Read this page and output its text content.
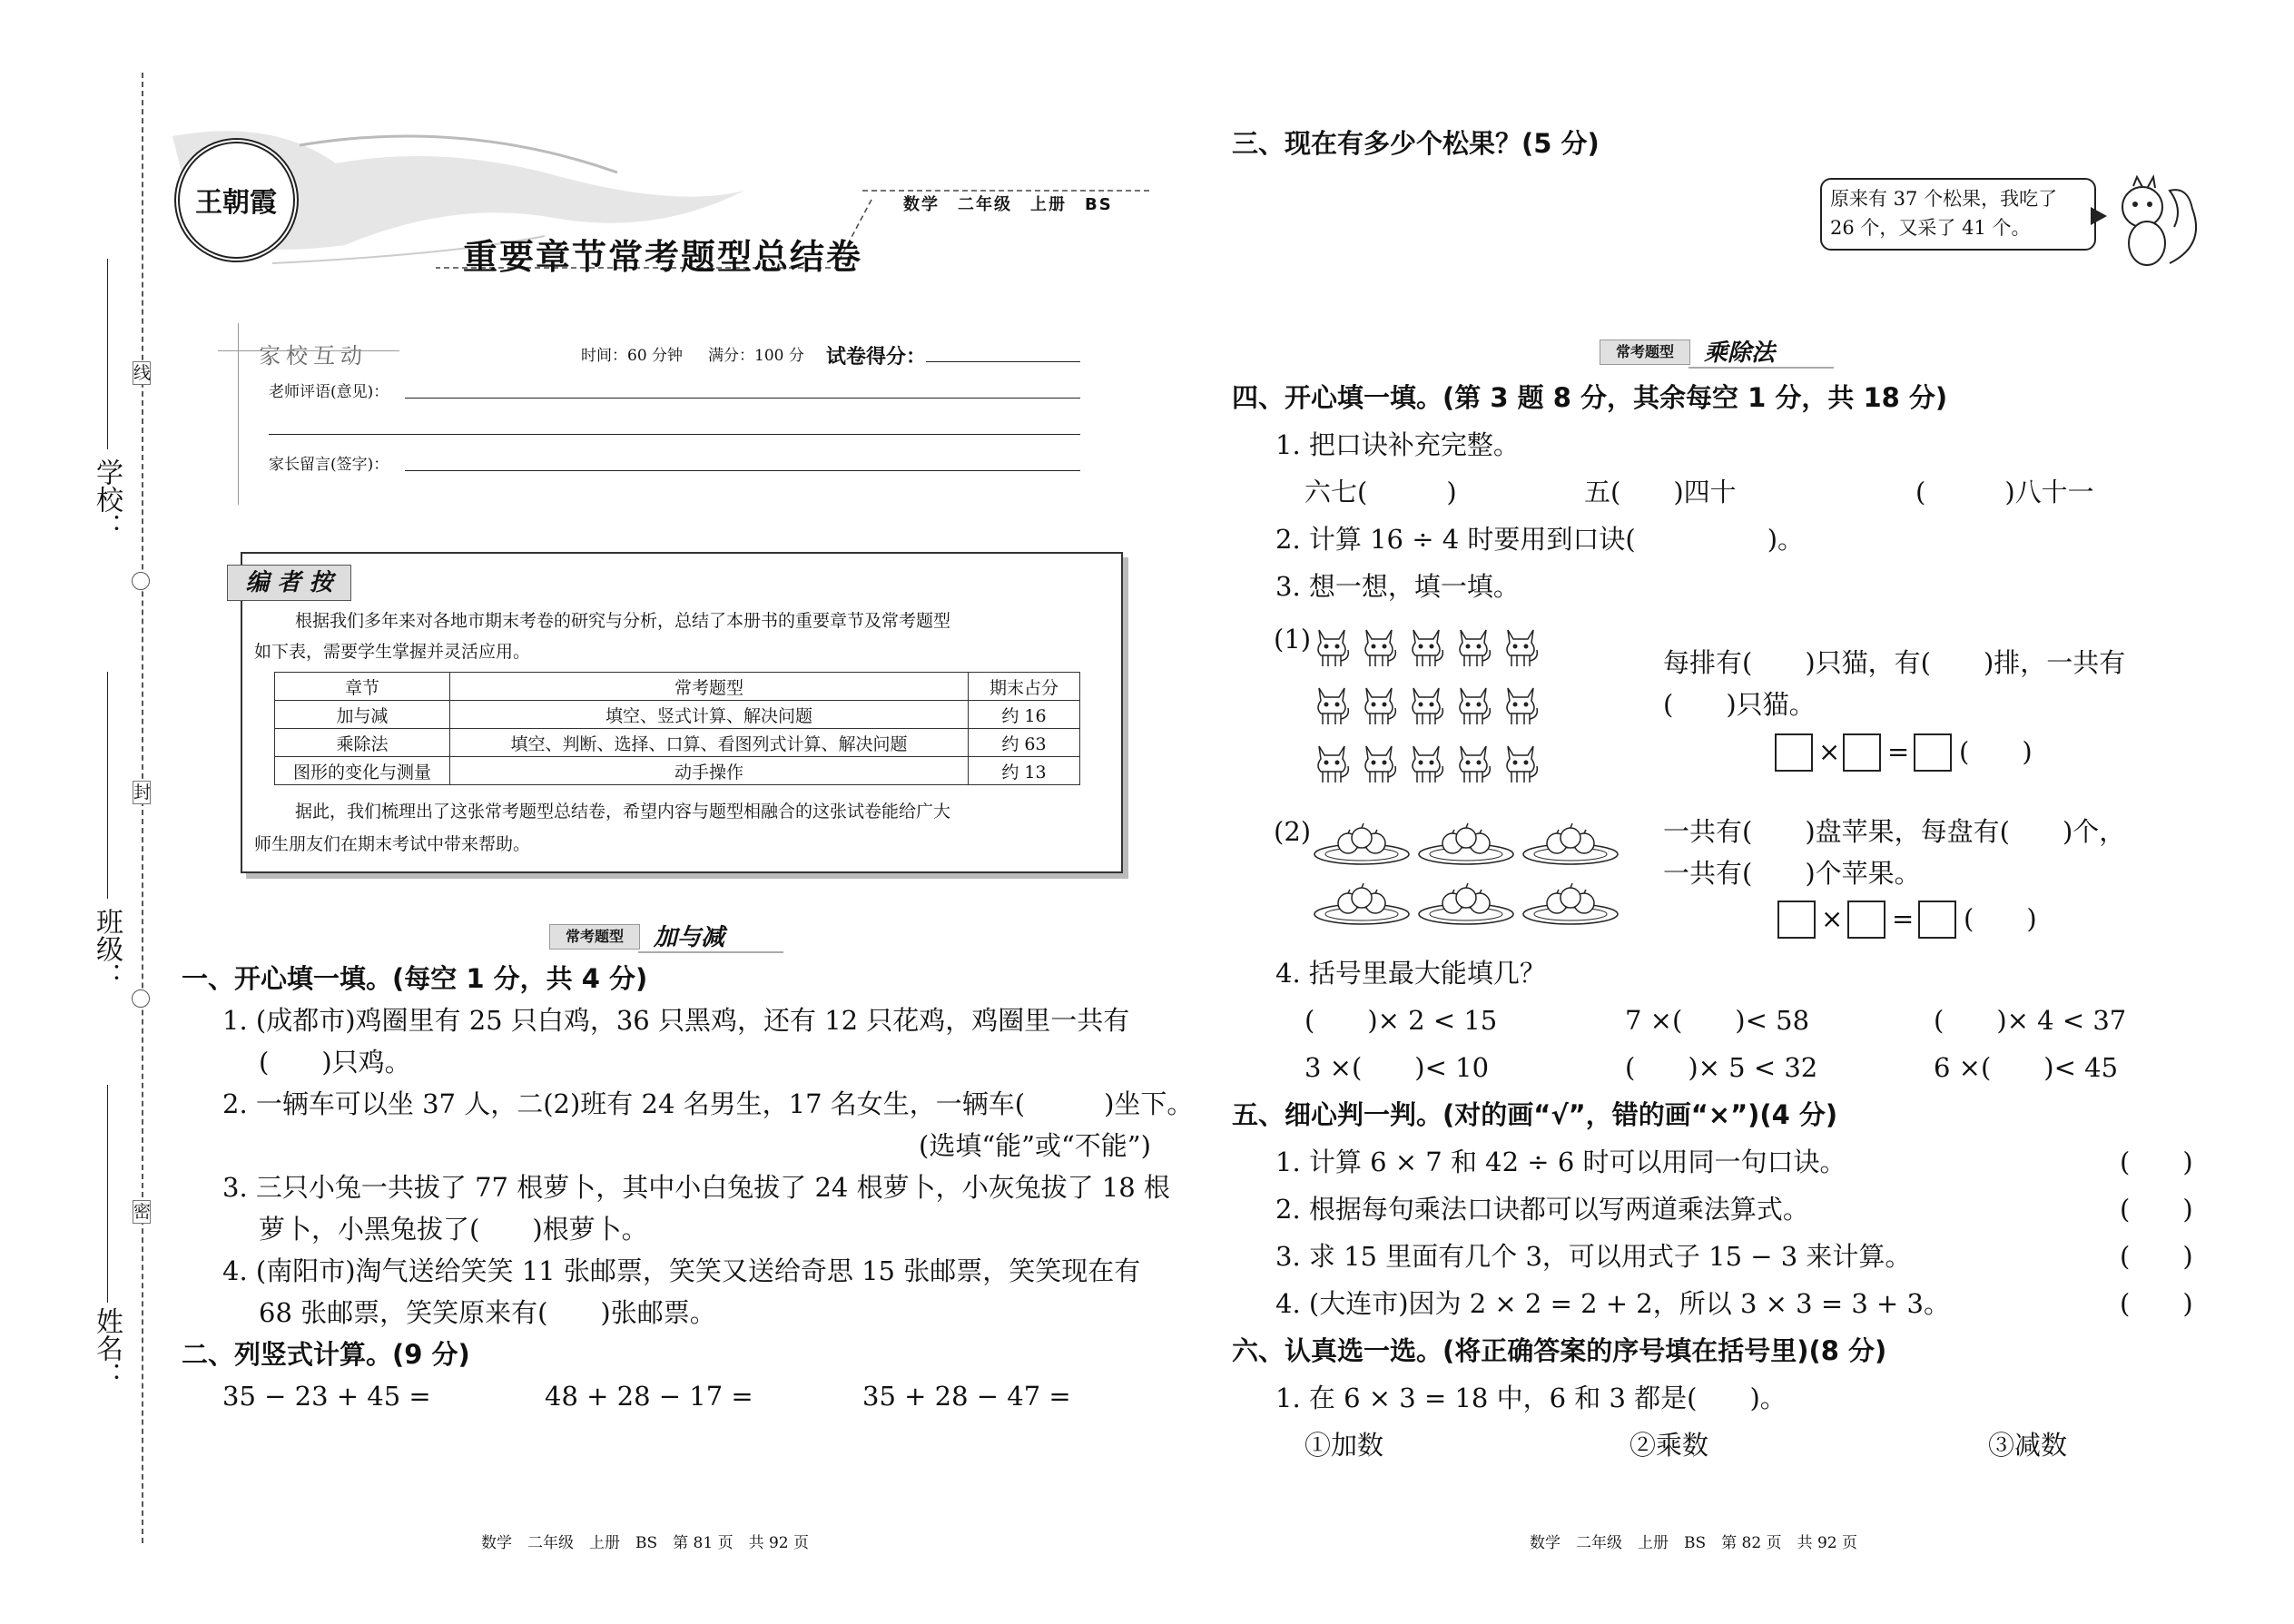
线
封
密
学校：
班级：
姓名：
王朝霞	数学　二年级　上册　BS
重要章节常考题型总结卷
家校互动	时间：60 分钟 满分：100 分 试卷得分：
老师评语(意见)：
家长留言(签字)：
编 者 按
根据我们多年来对各地市期末考卷的研究与分析，总结了本册书的重要章节及常考题型
如下表，需要学生掌握并灵活应用。
章节	常考题型	期末占分
加与减	填空、竖式计算、解决问题	约 16
乘除法	填空、判断、选择、口算、看图列式计算、解决问题	约 63
图形的变化与测量	动手操作	约 13
据此，我们梳理出了这张常考题型总结卷，希望内容与题型相融合的这张试卷能给广大
师生朋友们在期末考试中带来帮助。
常考题型	加与减
一、开心填一填。(每空 1 分，共 4 分)
1. (成都市)鸡圈里有 25 只白鸡，36 只黑鸡，还有 12 只花鸡，鸡圈里一共有
(　　)只鸡。
2. 一辆车可以坐 37 人，二(2)班有 24 名男生，17 名女生，一辆车(　　　)坐下。
(选填“能”或“不能”)
3. 三只小兔一共拔了 77 根萝卜，其中小白兔拔了 24 根萝卜，小灰兔拔了 18 根
萝卜，小黑兔拔了(　　)根萝卜。
4. (南阳市)淘气送给笑笑 11 张邮票，笑笑又送给奇思 15 张邮票，笑笑现在有
68 张邮票，笑笑原来有(　　)张邮票。
二、列竖式计算。(9 分)
35 − 23 + 45 =	48 + 28 − 17 =	35 + 28 − 47 =
数学　二年级　上册　BS　第 81 页　共 92 页
三、现在有多少个松果？(5 分)
原来有 37 个松果，我吃了
26 个，又采了 41 个。
常考题型	乘除法
四、开心填一填。(第 3 题 8 分，其余每空 1 分，共 18 分)
1. 把口诀补充完整。
六七(　　　)	五(　　)四十	(　　　)八十一
2. 计算 16 ÷ 4 时要用到口诀(　　　　　)。
3. 想一想，填一填。
(1)
每排有(　　)只猫，有(　　)排，一共有
(　　)只猫。
× = (　　)
(2)	一共有(　　)盘苹果，每盘有(　　)个，
一共有(　　)个苹果。
× = (　　)
4. 括号里最大能填几？
(　　)× 2 < 15	7 ×(　　)< 58	(　　)× 4 < 37
3 ×(　　)< 10	(　　)× 5 < 32	6 ×(　　)< 45
五、细心判一判。(对的画“√”，错的画“×”)(4 分)
1. 计算 6 × 7 和 42 ÷ 6 时可以用同一句口诀。	(　　)
2. 根据每句乘法口诀都可以写两道乘法算式。	(　　)
3. 求 15 里面有几个 3，可以用式子 15 − 3 来计算。	(　　)
4. (大连市)因为 2 × 2 = 2 + 2，所以 3 × 3 = 3 + 3。	(　　)
六、认真选一选。(将正确答案的序号填在括号里)(8 分)
1. 在 6 × 3 = 18 中，6 和 3 都是(　　)。
①加数	②乘数	③减数
数学　二年级　上册　BS　第 82 页　共 92 页
